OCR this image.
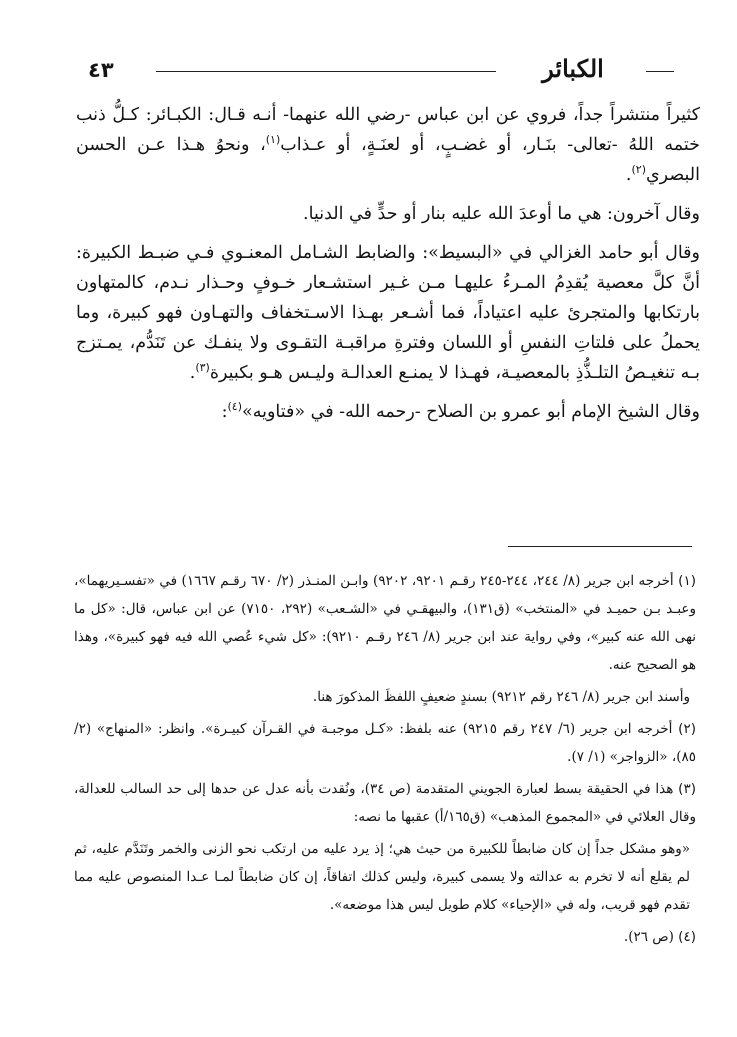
٤٣	الكبائر

كثيراً منتشراً جداً، فروي عن ابن عباس -رضي الله عنهما- أنـه قـال: الكبـائر: كـلُّ ذنب ختمه اللهُ -تعالى- بنَـار، أو غضـبٍ، أو لعنَـةٍ، أو عـذاب$^{(١)}$، ونحوُ هـذا عـن الحسن البصري$^{(٢)}$.

وقال آخرون: هي ما أوعدَ الله عليه بنار أو حدٍّ في الدنيا.

وقال أبو حامد الغزالي في «البسيط»: والضابط الشـامل المعنـوي فـي ضبـط الكبيرة: أنَّ كلَّ معصية يُقدِمُ المـرءُ عليهـا مـن غـير استشـعار خـوفٍ وحـذار نـدم، كالمتهاون بارتكابها والمتجرئ عليه اعتياداً، فما أشـعر بهـذا الاسـتخفاف والتهـاون فهو كبيرة، وما يحملُ على فلتاتِ النفسِ أو اللسان وفترةِ مراقبـة التقـوى ولا ينفـك عن تَنَدُّم، يمـتزج بـه تنغيـصُ التلـذُّذِ بالمعصيـة، فهـذا لا يمنـع العدالـة وليـس هـو بكبيرة$^{(٣)}$.

وقال الشيخ الإمام أبو عمرو بن الصلاح -رحمه الله- في «فتاويه»$^{(٤)}$:

(١) أخرجه ابن جرير (٨/ ٢٤٤، ٢٤٤-٢٤٥ رقـم ٩٢٠١، ٩٢٠٢) وابـن المنـذر (٢/ ٦٧٠ رقـم ١٦٦٧) في «تفسـيريهما»، وعبـد بـن حميـد في «المنتخب» (ق١٣١)، والبيهقـي في «الشـعب» (٢٩٢، ٧١٥٠) عن ابن عباس، قال: «كل ما نهى الله عنه كبير»، وفي رواية عند ابن جرير (٨/ ٢٤٦ رقـم ٩٢١٠): «كل شيء عُصي الله فيه فهو كبيرة»، وهذا هو الصحيح عنه.

وأسند ابن جرير (٨/ ٢٤٦ رقم ٩٢١٢) بسندٍ ضعيفٍ اللفظَ المذكورَ هنا.

(٢) أخرجه ابن جرير (٦/ ٢٤٧ رقم ٩٢١٥) عنه بلفظ: «كـل موجبـة في القـرآن كبيـرة». وانظر: «المنهاج» (٢/ ٨٥)، «الزواجر» (١/ ٧).

(٣) هذا في الحقيقة بسط لعبارة الجويني المتقدمة (ص ٣٤)، ونُقدت بأنه عدل عن حدها إلى حد السالب للعدالة، وقال العلائي في «المجموع المذهب» (ق١٦٥/أ) عقبها ما نصه:

«وهو مشكل جداً إن كان ضابطاً للكبيرة من حيث هي؛ إذ يرد عليه من ارتكب نحو الزنى والخمر وتَنَدَّم عليه، ثم لم يقلع أنه لا تخرم به عدالته ولا يسمى كبيرة، وليس كذلك اتفاقاً، إن كان ضابطاً لمـا عـدا المنصوص عليه مما تقدم فهو قريب، وله في «الإحياء» كلام طويل ليس هذا موضعه».

(٤) (ص ٢٦).
